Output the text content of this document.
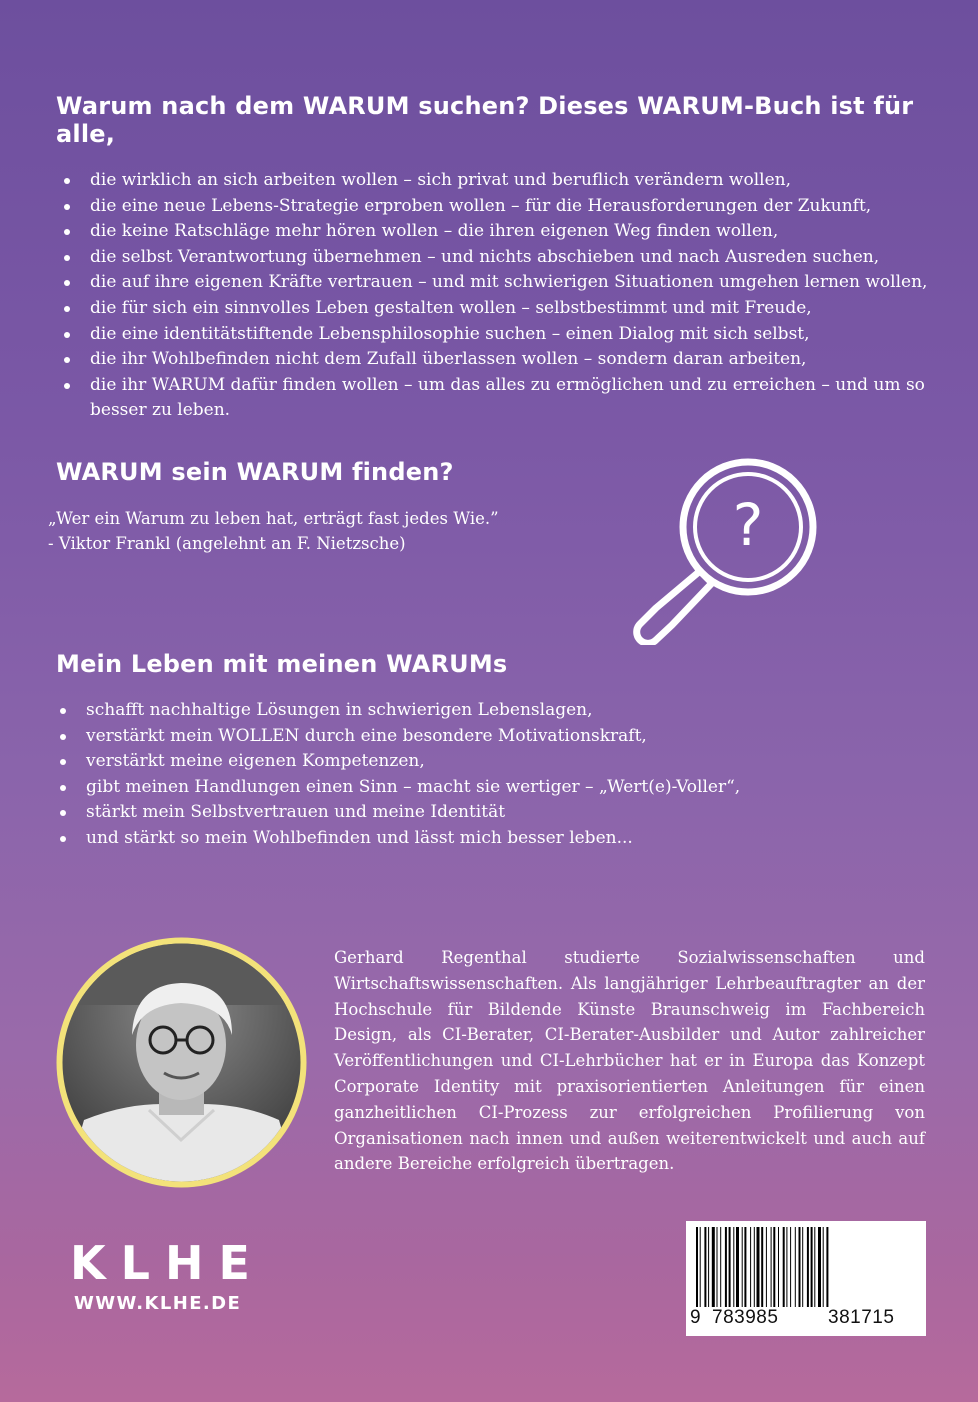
Warum nach dem WARUM suchen? Dieses WARUM-Buch ist für alle,
die wirklich an sich arbeiten wollen – sich privat und beruflich verändern wollen,
die eine neue Lebens-Strategie erproben wollen – für die Herausforderungen der Zukunft,
die keine Ratschläge mehr hören wollen – die ihren eigenen Weg finden wollen,
die selbst Verantwortung übernehmen – und nichts abschieben und nach Ausreden suchen,
die auf ihre eigenen Kräfte vertrauen – und mit schwierigen Situationen umgehen lernen wollen,
die für sich ein sinnvolles Leben gestalten wollen – selbstbestimmt und mit Freude,
die eine identitätstiftende Lebensphilosophie suchen – einen Dialog mit sich selbst,
die ihr Wohlbefinden nicht dem Zufall überlassen wollen – sondern daran arbeiten,
die ihr WARUM dafür finden wollen – um das alles zu ermöglichen und zu erreichen – und um so besser zu leben.
WARUM sein WARUM finden?
„Wer ein Warum zu leben hat, erträgt fast jedes Wie.”
- Viktor Frankl (angelehnt an F. Nietzsche)	?
Mein Leben mit meinen WARUMs
schafft nachhaltige Lösungen in schwierigen Lebenslagen,
verstärkt mein WOLLEN durch eine besondere Motivationskraft,
verstärkt meine eigenen Kompetenzen,
gibt meinen Handlungen einen Sinn – macht sie wertiger – „Wert(e)-Voller“,
stärkt mein Selbstvertrauen und meine Identität
und stärkt so mein Wohlbefinden und lässt mich besser leben...
Gerhard Regenthal studierte Sozialwissenschaften und Wirtschaftswissenschaften. Als langjähriger Lehrbeauftragter an der Hochschule für Bildende Künste Braunschweig im Fachbereich Design, als CI-Berater, CI-Berater-Ausbilder und Autor zahlreicher Veröffentlichungen und CI-Lehrbücher hat er in Europa das Konzept Corporate Identity mit praxisorientierten Anleitungen für einen ganzheitlichen CI-Prozess zur erfolgreichen Profilierung von Organisationen nach innen und außen weiterentwickelt und auch auf andere Bereiche erfolgreich übertragen.
KLHE
WWW.KLHE.DE
9 783985	381715
